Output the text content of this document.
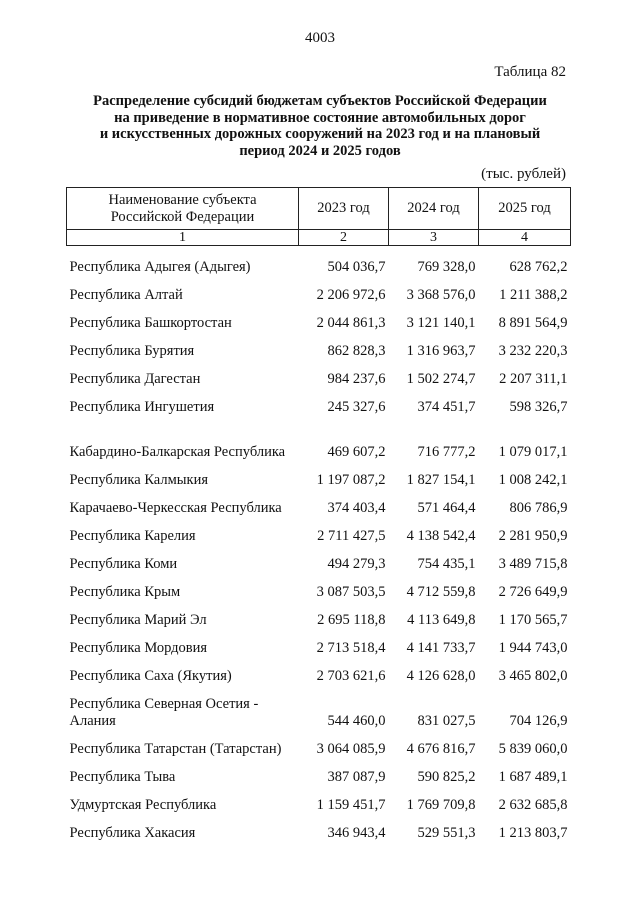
4003
Таблица 82
Распределение субсидий бюджетам субъектов Российской Федерации
на приведение в нормативное состояние автомобильных дорог
и искусственных дорожных сооружений на 2023 год и на плановый
период 2024 и 2025 годов
(тыс. рублей)
Наименование субъекта
Российской Федерации	2023 год	2024 год	2025 год
1	2	3	4
Республика Адыгея (Адыгея)	504 036,7	769 328,0	628 762,2
Республика Алтай	2 206 972,6	3 368 576,0	1 211 388,2
Республика Башкортостан	2 044 861,3	3 121 140,1	8 891 564,9
Республика Бурятия	862 828,3	1 316 963,7	3 232 220,3
Республика Дагестан	984 237,6	1 502 274,7	2 207 311,1
Республика Ингушетия	245 327,6	374 451,7	598 326,7
Кабардино-Балкарская Республика	469 607,2	716 777,2	1 079 017,1
Республика Калмыкия	1 197 087,2	1 827 154,1	1 008 242,1
Карачаево-Черкесская Республика	374 403,4	571 464,4	806 786,9
Республика Карелия	2 711 427,5	4 138 542,4	2 281 950,9
Республика Коми	494 279,3	754 435,1	3 489 715,8
Республика Крым	3 087 503,5	4 712 559,8	2 726 649,9
Республика Марий Эл	2 695 118,8	4 113 649,8	1 170 565,7
Республика Мордовия	2 713 518,4	4 141 733,7	1 944 743,0
Республика Саха (Якутия)	2 703 621,6	4 126 628,0	3 465 802,0
Республика Северная Осетия - Алания	544 460,0	831 027,5	704 126,9
Республика Татарстан (Татарстан)	3 064 085,9	4 676 816,7	5 839 060,0
Республика Тыва	387 087,9	590 825,2	1 687 489,1
Удмуртская Республика	1 159 451,7	1 769 709,8	2 632 685,8
Республика Хакасия	346 943,4	529 551,3	1 213 803,7
